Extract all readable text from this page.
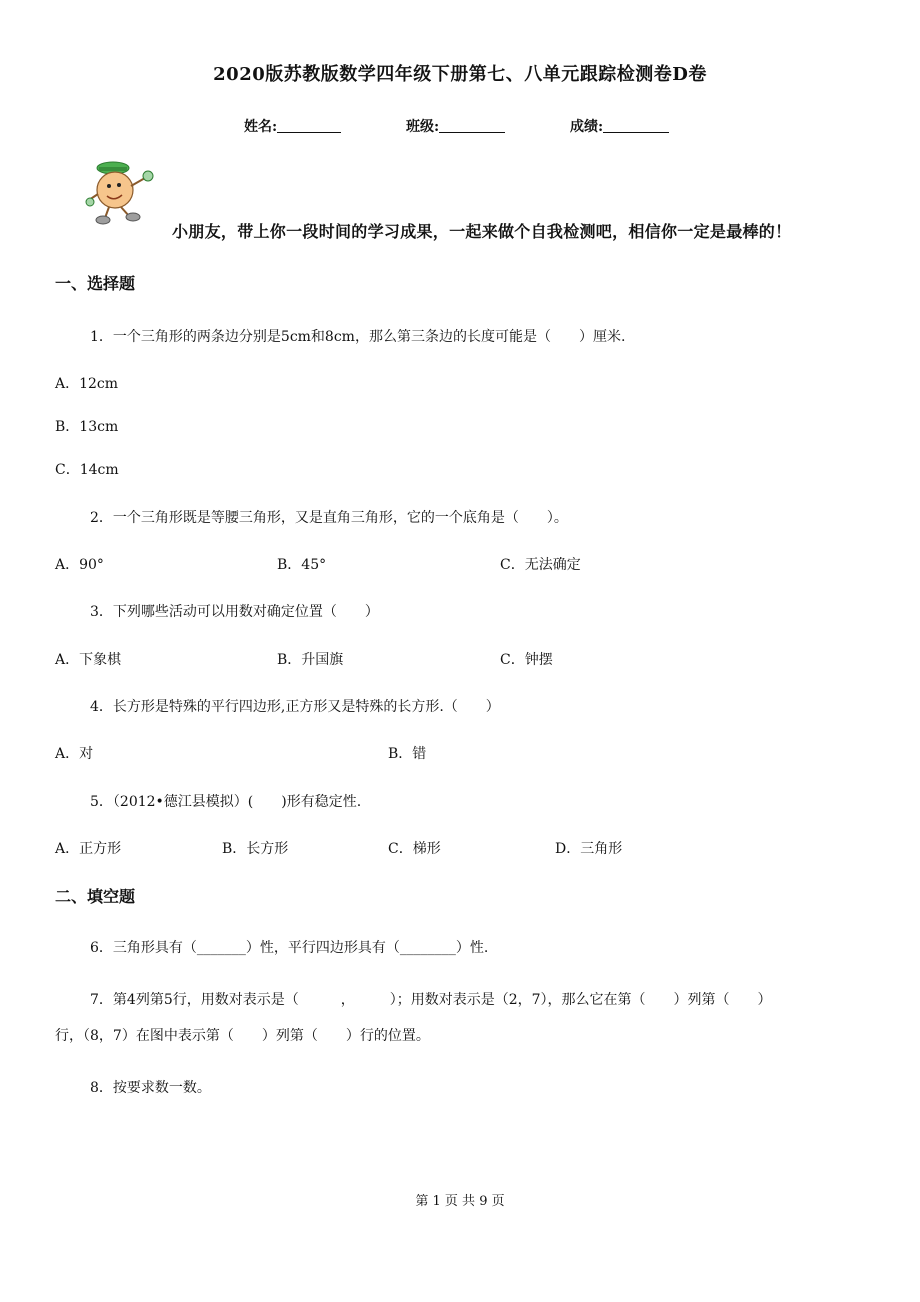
2020版苏教版数学四年级下册第七、八单元跟踪检测卷D卷
姓名:	班级:	成绩:
小朋友，带上你一段时间的学习成果，一起来做个自我检测吧，相信你一定是最棒的！
一、选择题
1．一个三角形的两条边分别是5cm和8cm，那么第三条边的长度可能是（　　）厘米.
A．12cm
B．13cm
C．14cm
2．一个三角形既是等腰三角形，又是直角三角形，它的一个底角是（　　）。
A．90°	B．45°	C．无法确定
3．下列哪些活动可以用数对确定位置（　　）
A．下象棋	B．升国旗	C．钟摆
4．长方形是特殊的平行四边形,正方形又是特殊的长方形.（　　）
A．对	B．错
5．（2012•德江县模拟）(　　)形有稳定性.
A．正方形	B．长方形	C．梯形	D．三角形
二、填空题
6．三角形具有（_______）性，平行四边形具有（________）性.
7．第4列第5行，用数对表示是（　　　，　　　）；用数对表示是（2，7），那么它在第（　　）列第（　　）
行，（8，7）在图中表示第（　　）列第（　　）行的位置。
8．按要求数一数。
第 1 页 共 9 页
